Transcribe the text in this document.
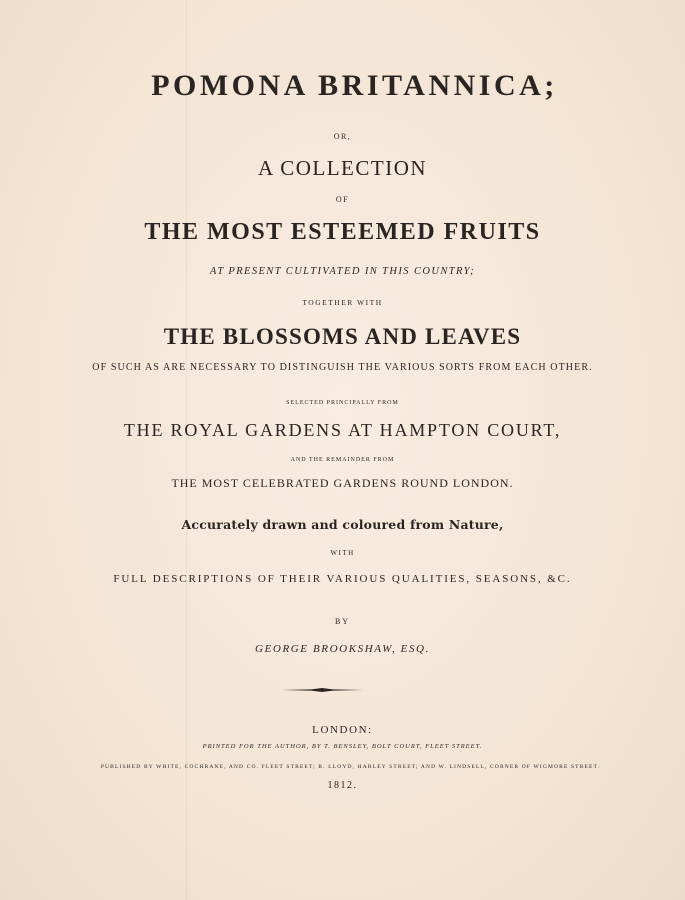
POMONA BRITANNICA;
OR,
A COLLECTION
OF
THE MOST ESTEEMED FRUITS
AT PRESENT CULTIVATED IN THIS COUNTRY;
TOGETHER WITH
THE BLOSSOMS AND LEAVES
OF SUCH AS ARE NECESSARY TO DISTINGUISH THE VARIOUS SORTS FROM EACH OTHER.
SELECTED PRINCIPALLY FROM
THE ROYAL GARDENS AT HAMPTON COURT,
AND THE REMAINDER FROM
THE MOST CELEBRATED GARDENS ROUND LONDON.
Accurately drawn and coloured from Nature,
WITH
FULL DESCRIPTIONS OF THEIR VARIOUS QUALITIES, SEASONS, &C.
BY
GEORGE BROOKSHAW, ESQ.
LONDON:
PRINTED FOR THE AUTHOR, BY T. BENSLEY, BOLT COURT, FLEET STREET.
PUBLISHED BY WHITE, COCHRANE, AND CO. FLEET STREET; R. LLOYD, HARLEY STREET; AND W. LINDSELL, CORNER OF WIGMORE STREET.
1812.
